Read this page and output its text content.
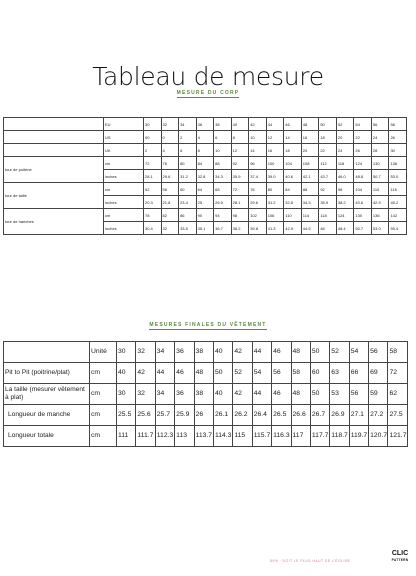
Tableau de mesure
MESURE DU CORP
	EU	30	32	34	36	38	40	42	44	46	48	50	52	54	56	58
	US	00	0	2	4	6	8	10	12	14	16	18	20	22	24	26
	UK	2	4	6	8	10	12	14	16	18	20	22	24	26	28	30
tour de poitrine	cm	72	76	80	84	88	92	96	100	104	108	112	118	124	130	136
	inches	28.1	29.6	31.2	32.8	34.3	35.9	37.4	39.0	40.6	42.1	43.7	46.0	48.8	50.7	53.0
tour de taille	cm	52	56	60	64	68	72	76	80	84	88	92	98	104	110	116
	inches	20.3	21.8	23.4	25	26.5	28.1	29.6	31.2	32.8	34.3	35.9	38.2	40.6	42.9	45.2
tour de hanches	cm	78	82	86	90	94	98	102	106	110	114	118	124	130	136	142
	inches	30.4	32	33.5	35.1	36.7	38.2	39.8	41.3	42.9	44.5	46	48.4	50.7	53.0	55.4
MESURES FINALES DU VÊTEMENT
	Unité	30	32	34	36	38	40	42	44	46	48	50	52	54	56	58
Pit to Pit (poitrine/plat)	cm	40	42	44	46	48	50	52	54	56	58	60	63	66	69	72
La taille (mesurer vêtement à plat)	cm	30	32	34	36	38	40	42	44	46	48	50	53	56	59	62
Longueur de manche	cm	25.5	25.6	25.7	25.9	26	26.1	26.2	26.4	26.5	26.6	26.7	26.9	27.1	27.2	27.5
Longueur totale	cm	111	111.7	112.3	113	113.7	114.3	115	115.7	116.3	117	117.7	118.7	119.7	120.7	121.7
89% · DOIT LE PLUS HAUT DE L'ÉGLISE
CLIC
PATTERN
